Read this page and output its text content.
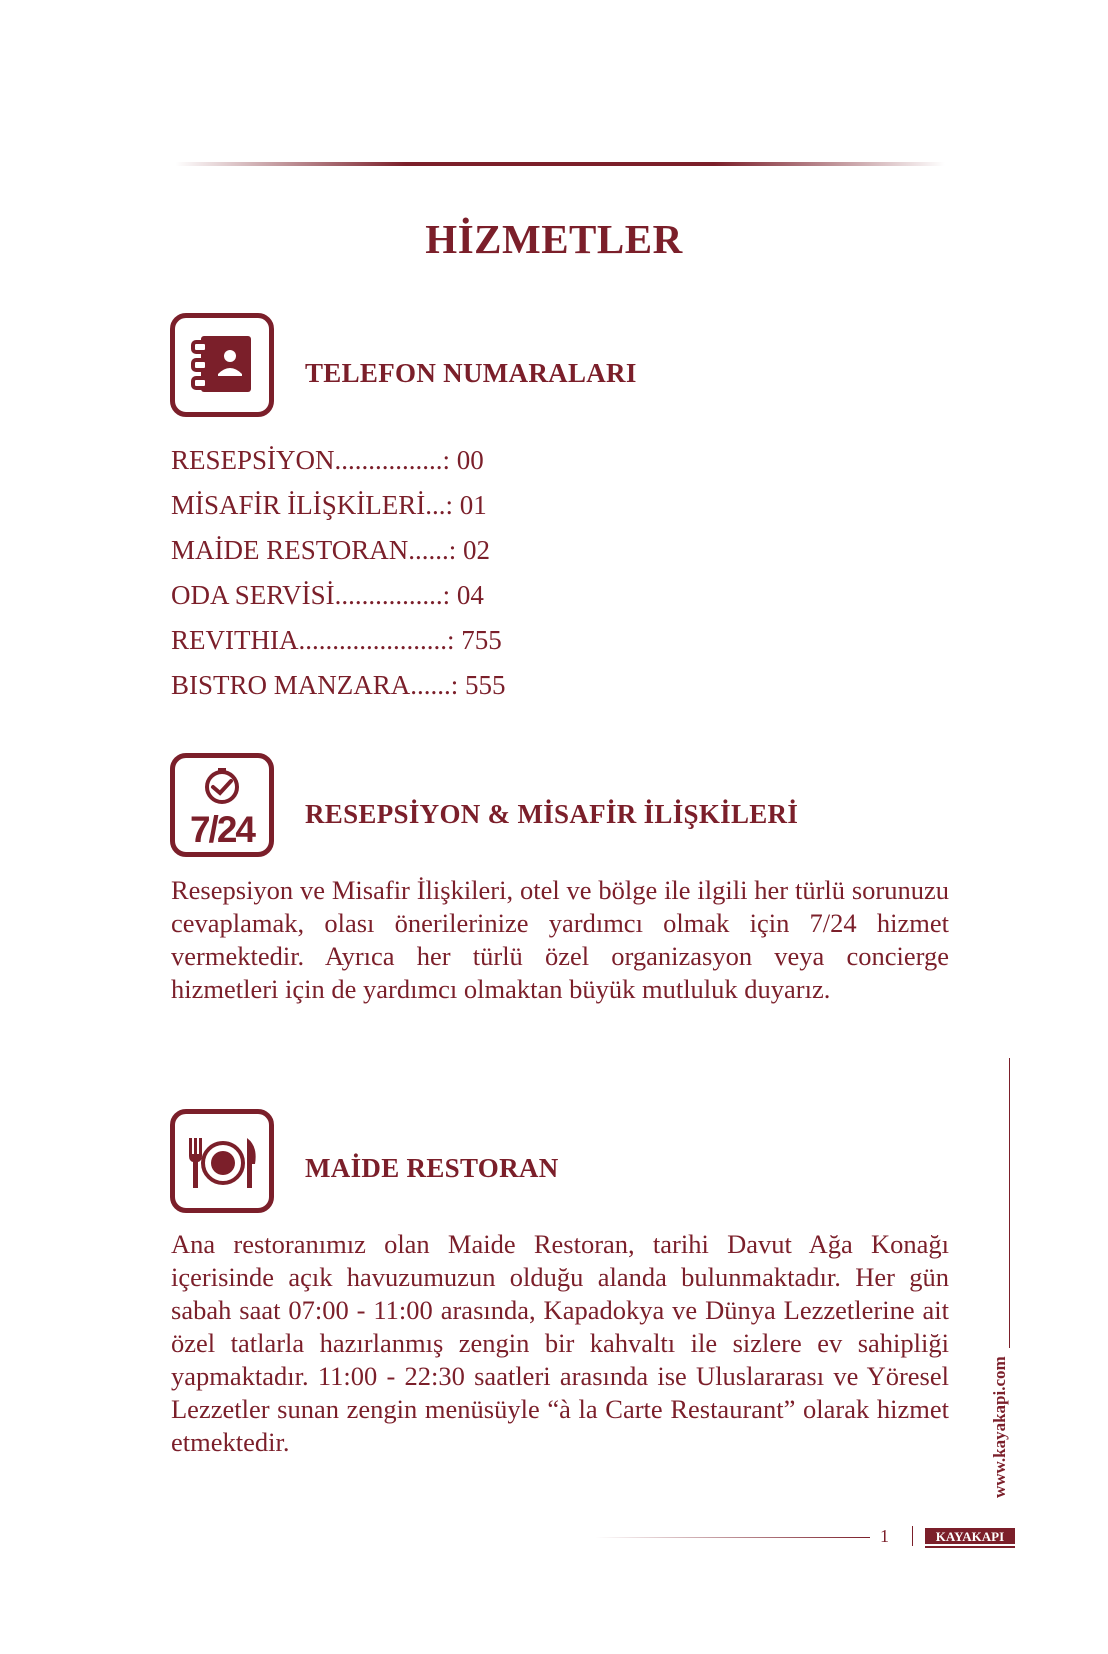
HİZMETLER
TELEFON NUMARALARI
RESEPSİYON................: 00
MİSAFİR İLİŞKİLERİ...: 01
MAİDE RESTORAN......: 02
ODA SERVİSİ................: 04
REVITHIA......................: 755
BISTRO MANZARA......: 555
7/24 RESEPSİYON & MİSAFİR İLİŞKİLERİ

Resepsiyon ve Misafir İlişkileri, otel ve bölge ile ilgili her türlü sorunuzu cevaplamak, olası önerilerinize yardımcı olmak için 7/24 hizmet vermektedir. Ayrıca her türlü özel organizasyon veya concierge hizmetleri için de yardımcı olmaktan büyük mutluluk duyarız.

MAİDE RESTORAN

Ana restoranımız olan Maide Restoran, tarihi Davut Ağa Konağı içerisinde açık havuzumuzun olduğu alanda bulunmaktadır. Her gün sabah saat 07:00 - 11:00 arasında, Kapadokya ve Dünya Lezzetlerine ait özel tatlarla hazırlanmış zengin bir kahvaltı ile sizlere ev sahipliği yapmaktadır. 11:00 - 22:30 saatleri arasında ise Uluslararası ve Yöresel Lezzetler sunan zengin menüsüyle “à la Carte Restaurant” olarak hizmet etmektedir.	www.kayakapi.com
1	KAYAKAPI
